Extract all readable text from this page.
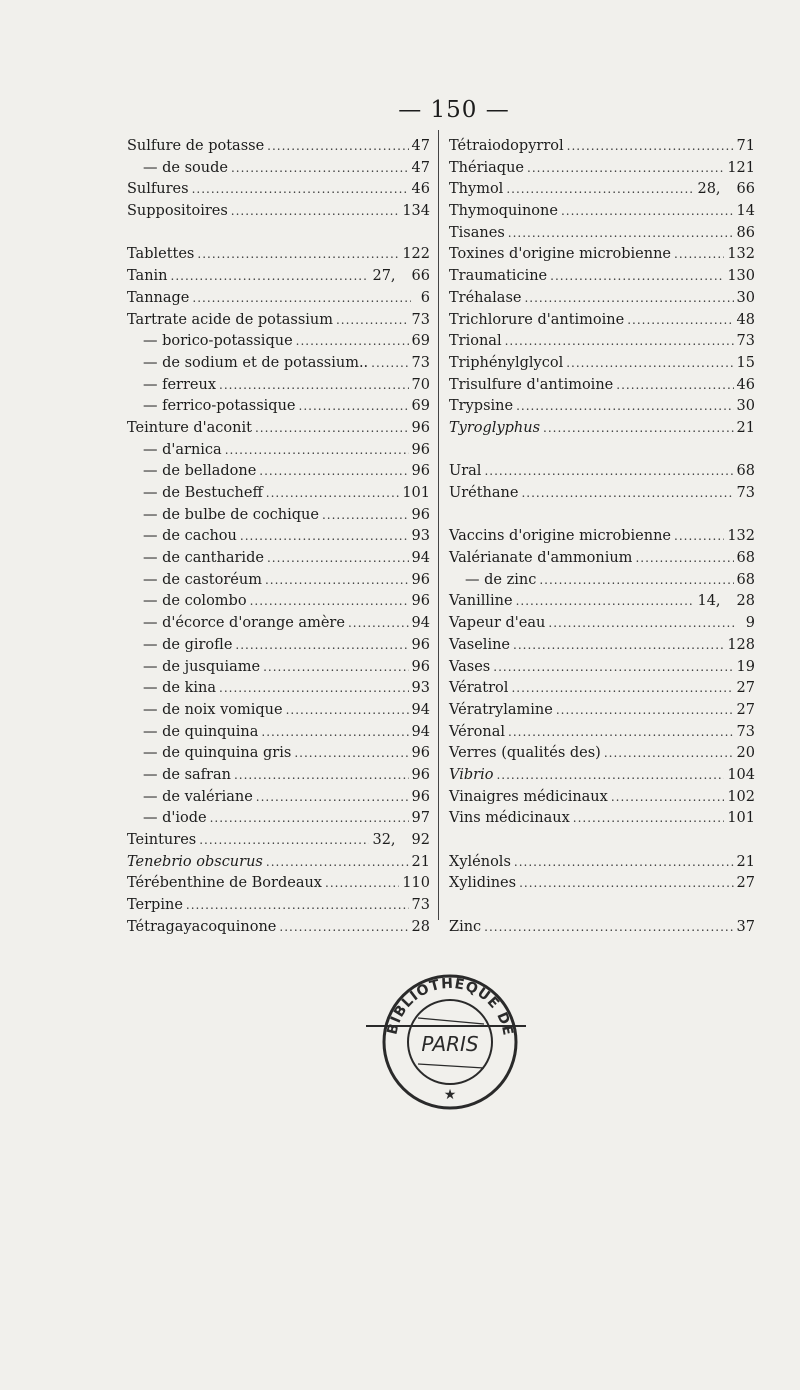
— 150 —
Sulfure de potasse .....	47
— de soude .....	47
Sulfures .....	46
Suppositoires .....	134
Tablettes .....	122
Tanin .....	27, 66
Tannage .....	6
Tartrate acide de potassium .....	73
— borico-potassique .....	69
— de sodium et de potassium.. .....	73
— ferreux .....	70
— ferrico-potassique .....	69
Teinture d'aconit .....	96
— d'arnica .....	96
— de belladone .....	96
— de Bestucheff .....	101
— de bulbe de cochique .....	96
— de cachou .....	93
— de cantharide .....	94
— de castoréum .....	96
— de colombo .....	96
— d'écorce d'orange amère .....	94
— de girofle .....	96
— de jusquiame .....	96
— de kina .....	93
— de noix vomique .....	94
— de quinquina .....	94
— de quinquina gris .....	96
— de safran .....	96
— de valériane .....	96
— d'iode .....	97
Teintures .....	32, 92
Tenebrio obscurus .....	21
Térébenthine de Bordeaux .....	110
Terpine .....	73
Tétragayacoquinone .....	28
Tétraiodopyrrol .....	71
Thériaque .....	121
Thymol .....	28, 66
Thymoquinone .....	14
Tisanes .....	86
Toxines d'origine microbienne .....	132
Traumaticine .....	130
Tréhalase .....	30
Trichlorure d'antimoine .....	48
Trional .....	73
Triphénylglycol .....	15
Trisulfure d'antimoine .....	46
Trypsine .....	30
Tyroglyphus .....	21
Ural .....	68
Uréthane .....	73
Vaccins d'origine microbienne .....	132
Valérianate d'ammonium .....	68
— de zinc .....	68
Vanilline .....	14, 28
Vapeur d'eau .....	9
Vaseline .....	128
Vases .....	19
Vératrol .....	27
Vératrylamine .....	27
Véronal .....	73
Verres (qualités des) .....	20
Vibrio .....	104
Vinaigres médicinaux .....	102
Vins médicinaux .....	101
Xylénols .....	21
Xylidines .....	27
Zinc .....	37
BIBLIOTHÈQUE DE
PARIS
★
